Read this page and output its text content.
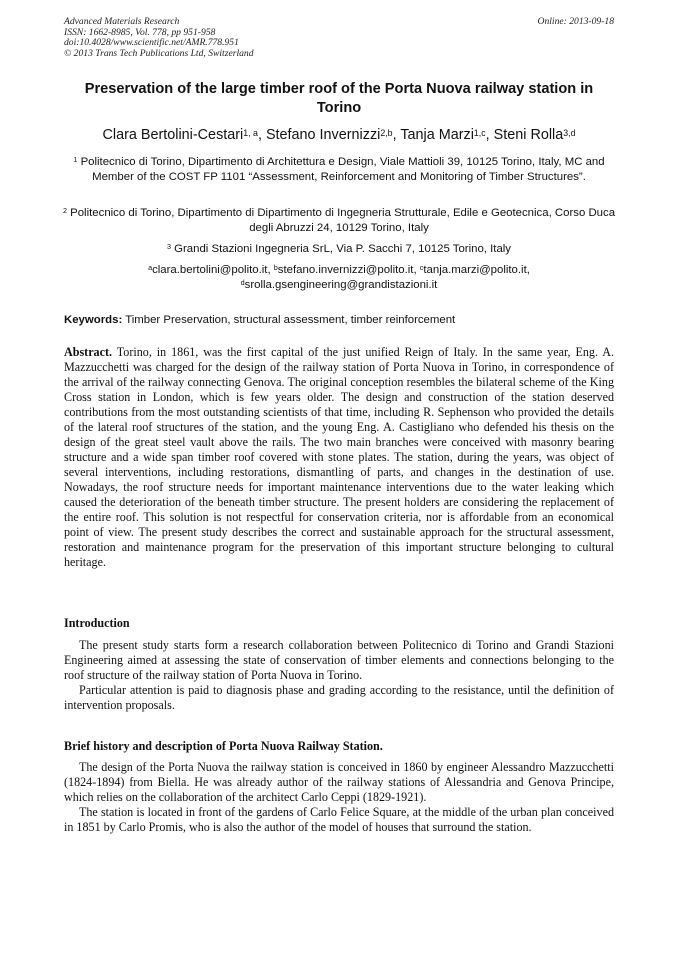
Advanced Materials Research
ISSN: 1662-8985, Vol. 778, pp 951-958
doi:10.4028/www.scientific.net/AMR.778.951
© 2013 Trans Tech Publications Ltd, Switzerland
Online: 2013-09-18
Preservation of the large timber roof of the Porta Nuova railway station in Torino
Clara Bertolini-Cestari$^{1, a}$, Stefano Invernizzi$^{2,b}$, Tanja Marzi$^{1,c}$, Steni Rolla$^{3,d}$
$^1$ Politecnico di Torino, Dipartimento di Architettura e Design, Viale Mattioli 39, 10125 Torino, Italy, MC and Member of the COST FP 1101 “Assessment, Reinforcement and Monitoring of Timber Structures”.
$^2$ Politecnico di Torino, Dipartimento di Dipartimento di Ingegneria Strutturale, Edile e Geotecnica, Corso Duca degli Abruzzi 24, 10129 Torino, Italy
$^3$ Grandi Stazioni Ingegneria SrL, Via P. Sacchi 7, 10125 Torino, Italy
$^a$clara.bertolini@polito.it, $^b$stefano.invernizzi@polito.it, $^c$tanja.marzi@polito.it,
$^d$srolla.gsengineering@grandistazioni.it
Keywords: Timber Preservation, structural assessment, timber reinforcement
Abstract. Torino, in 1861, was the first capital of the just unified Reign of Italy. In the same year, Eng. A. Mazzucchetti was charged for the design of the railway station of Porta Nuova in Torino, in correspondence of the arrival of the railway connecting Genova. The original conception resembles the bilateral scheme of the King Cross station in London, which is few years older. The design and construction of the station deserved contributions from the most outstanding scientists of that time, including R. Sephenson who provided the details of the lateral roof structures of the station, and the young Eng. A. Castigliano who defended his thesis on the design of the great steel vault above the rails. The two main branches were conceived with masonry bearing structure and a wide span timber roof covered with stone plates. The station, during the years, was object of several interventions, including restorations, dismantling of parts, and changes in the destination of use. Nowadays, the roof structure needs for important maintenance interventions due to the water leaking which caused the deterioration of the beneath timber structure. The present holders are considering the replacement of the entire roof. This solution is not respectful for conservation criteria, nor is affordable from an economical point of view. The present study describes the correct and sustainable approach for the structural assessment, restoration and maintenance program for the preservation of this important structure belonging to cultural heritage.
Introduction

The present study starts form a research collaboration between Politecnico di Torino and Grandi Stazioni Engineering aimed at assessing the state of conservation of timber elements and connections belonging to the roof structure of the railway station of Porta Nuova in Torino.

Particular attention is paid to diagnosis phase and grading according to the resistance, until the definition of intervention proposals.

Brief history and description of Porta Nuova Railway Station.

The design of the Porta Nuova the railway station is conceived in 1860 by engineer Alessandro Mazzucchetti (1824-1894) from Biella. He was already author of the railway stations of Alessandria and Genova Principe, which relies on the collaboration of the architect Carlo Ceppi (1829-1921).

The station is located in front of the gardens of Carlo Felice Square, at the middle of the urban plan conceived in 1851 by Carlo Promis, who is also the author of the model of houses that surround the station.
